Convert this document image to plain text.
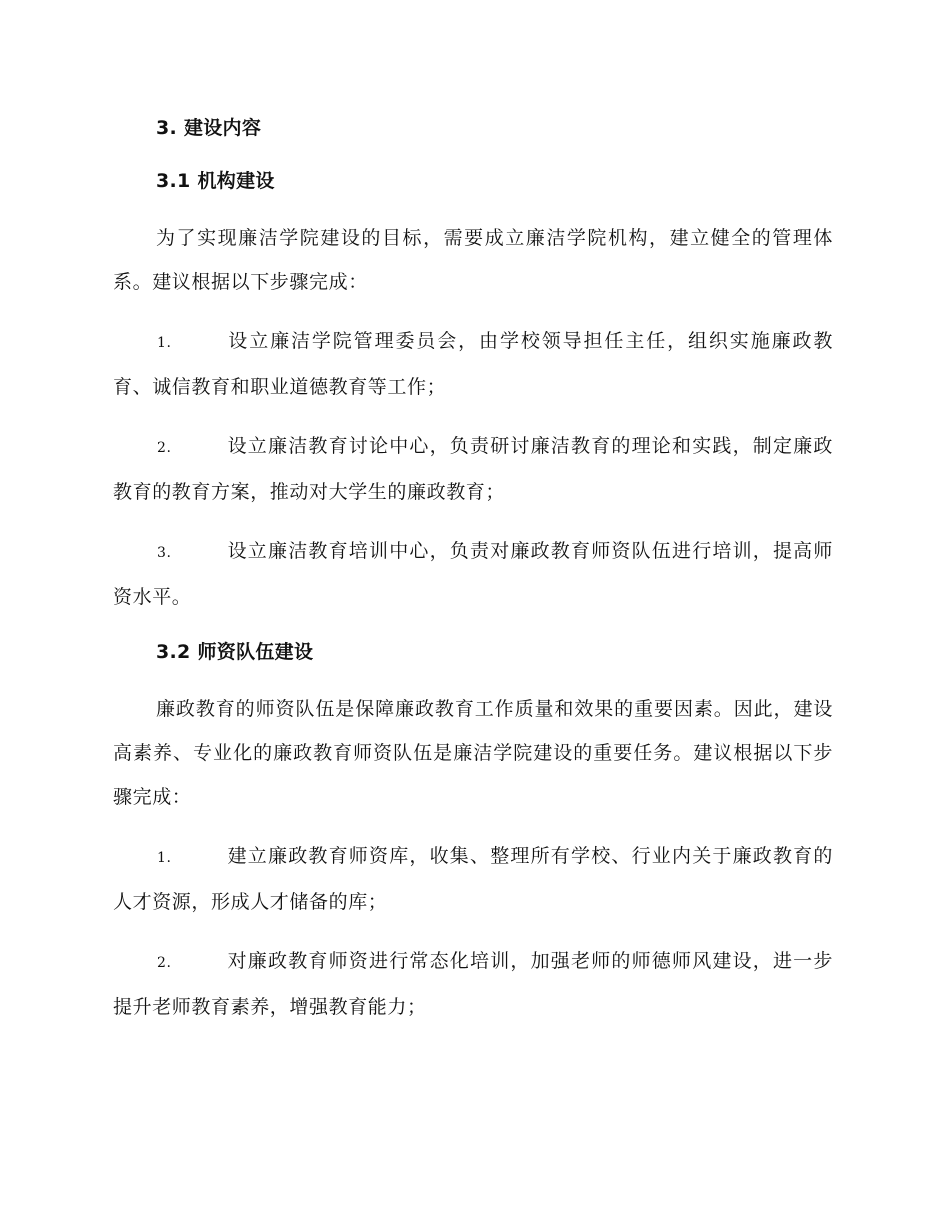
3. 建设内容
3.1 机构建设

为了实现廉洁学院建设的目标，需要成立廉洁学院机构，建立健全的管理体系。建议根据以下步骤完成：

1.	设立廉洁学院管理委员会，由学校领导担任主任，组织实施廉政教育、诚信教育和职业道德教育等工作；

2.	设立廉洁教育讨论中心，负责研讨廉洁教育的理论和实践，制定廉政教育的教育方案，推动对大学生的廉政教育；

3.	设立廉洁教育培训中心，负责对廉政教育师资队伍进行培训，提高师资水平。

3.2 师资队伍建设

廉政教育的师资队伍是保障廉政教育工作质量和效果的重要因素。因此，建设高素养、专业化的廉政教育师资队伍是廉洁学院建设的重要任务。建议根据以下步骤完成：

1.	建立廉政教育师资库，收集、整理所有学校、行业内关于廉政教育的人才资源，形成人才储备的库；

2.	对廉政教育师资进行常态化培训，加强老师的师德师风建设，进一步提升老师教育素养，增强教育能力；
